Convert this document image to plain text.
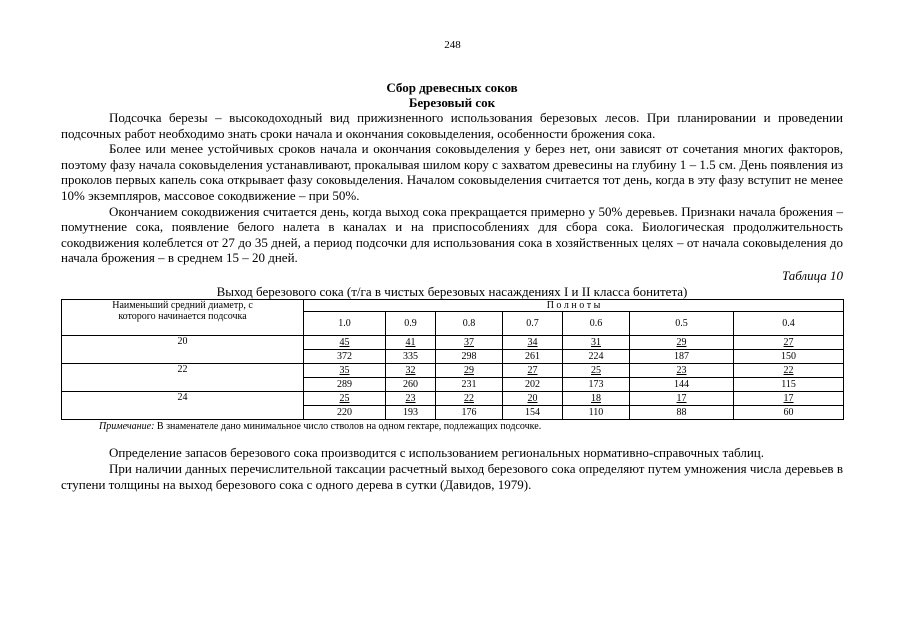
248

Сбор древесных соков

Березовый сок

Подсочка березы – высокодоходный вид прижизненного использования березовых лесов. При планировании и проведении подсочных работ необходимо знать сроки начала и окончания соковыделения, особенности брожения сока.

Более или менее устойчивых сроков начала и окончания соковыделения у берез нет, они зависят от сочетания многих факторов, поэтому фазу начала соковыделения устанавливают, прокалывая шилом кору с захватом древесины на глубину 1 – 1.5 см. День появления из проколов первых капель сока открывает фазу соковыделения. Началом соковыделения считается тот день, когда в эту фазу вступит не менее 10% экземпляров, массовое сокодвижение – при 50%.

Окончанием сокодвижения считается день, когда выход сока прекращается примерно у 50% деревьев. Признаки начала брожения – помутнение сока, появление белого налета в каналах и на приспособлениях для сбора сока. Биологическая продолжительность сокодвижения колеблется от 27 до 35 дней, а период подсочки для использования сока в хозяйственных целях – от начала соковыделения до начала брожения – в среднем 15 – 20 дней.

Таблица 10

Выход березового сока (т/га в чистых березовых насаждениях I и II класса бонитета)

Наименьший средний диаметр, с которого начинается подсочка	П о л н о т ы						
	1.0	0.9	0.8	0.7	0.6	0.5	0.4
20	45	41	37	34	31	29	27
	372	335	298	261	224	187	150
22	35	32	29	27	25	23	22
	289	260	231	202	173	144	115
24	25	23	22	20	18	17	17
	220	193	176	154	110	88	60

Примечание: В знаменателе дано минимальное число стволов на одном гектаре, подлежащих подсочке.

Определение запасов березового сока производится с использованием региональных нормативно-справочных таблиц.

При наличии данных перечислительной таксации расчетный выход березового сока определяют путем умножения числа деревьев в ступени толщины на выход березового сока с одного дерева в сутки (Давидов, 1979).
